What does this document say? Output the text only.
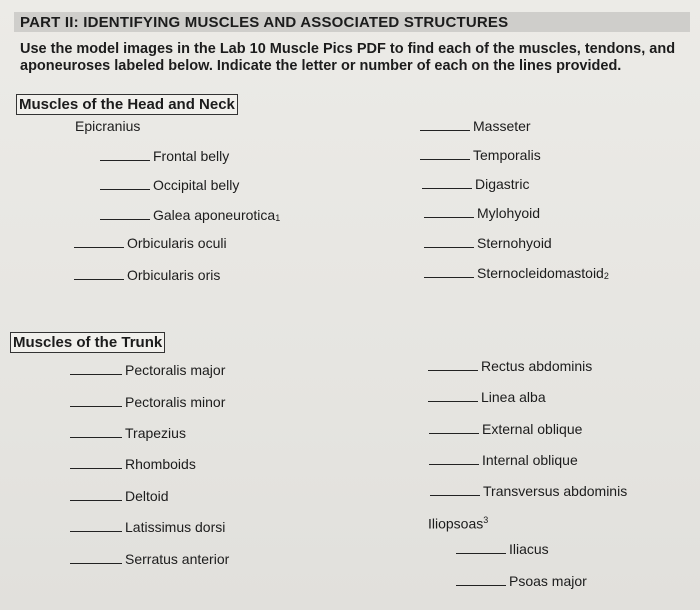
PART II: IDENTIFYING MUSCLES AND ASSOCIATED STRUCTURES
Use the model images in the Lab 10 Muscle Pics PDF to find each of the muscles, tendons, and aponeuroses labeled below. Indicate the letter or number of each on the lines provided.
Muscles of the Head and Neck
Epicranius
Frontal belly
Occipital belly
Galea aponeurotica$_1$
Orbicularis oculi
Orbicularis oris
Masseter
Temporalis
Digastric
Mylohyoid
Sternohyoid
Sternocleidomastoid$_2$
Muscles of the Trunk
Pectoralis major
Pectoralis minor
Trapezius
Rhomboids
Deltoid
Latissimus dorsi
Serratus anterior
Rectus abdominis
Linea alba
External oblique
Internal oblique
Transversus abdominis
Iliopsoas$^3$
Iliacus
Psoas major
